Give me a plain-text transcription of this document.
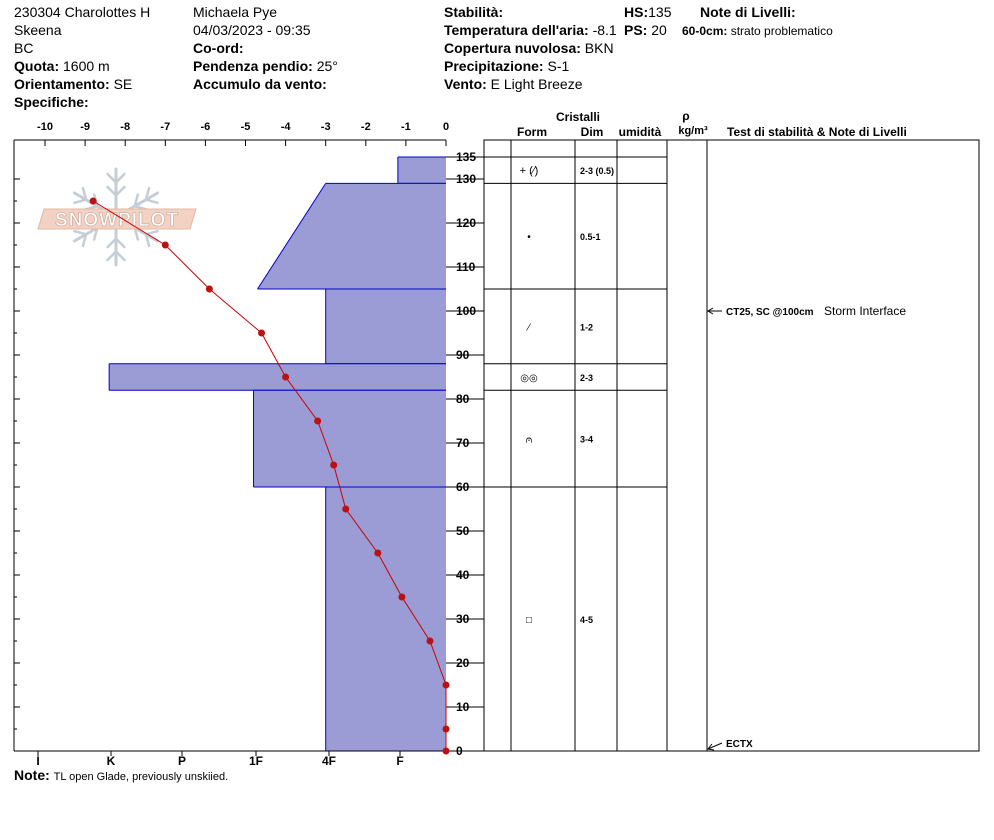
230304 Charolottes H
Skeena
BC
Quota: 1600 m
Orientamento: SE
Specifiche:
Michaela Pye
04/03/2023 - 09:35
Co-ord:
Pendenza pendio: 25°
Accumulo da vento:
Stabilità:
Temperatura dell'aria: -8.1
Copertura nuvolosa: BKN
Precipitazione: S-1
Vento: E Light Breeze
HS:135
PS: 20
Note di Livelli:
60-0cm: strato problematico
SNOWPILOT
-10 -9	-8	-7	-6	-5	-4	-3	-2	-1	0
0
10
20
30
40
50
60
70
80
90
100
110
120
130
135
I	K	P	1F	4F	F
Cristalli
Form	Dim umidità
ρ
kg/m³ Test di stabilità & Note di Livelli
+ (⁄)	2-3 (0.5)
•	0.5-1
⁄	1-2
◎◎	2-3
⩀	3-4
□	4-5
CT25, SC @100cm Storm Interface
ECTX
Note: TL open Glade, previously unskiied.
